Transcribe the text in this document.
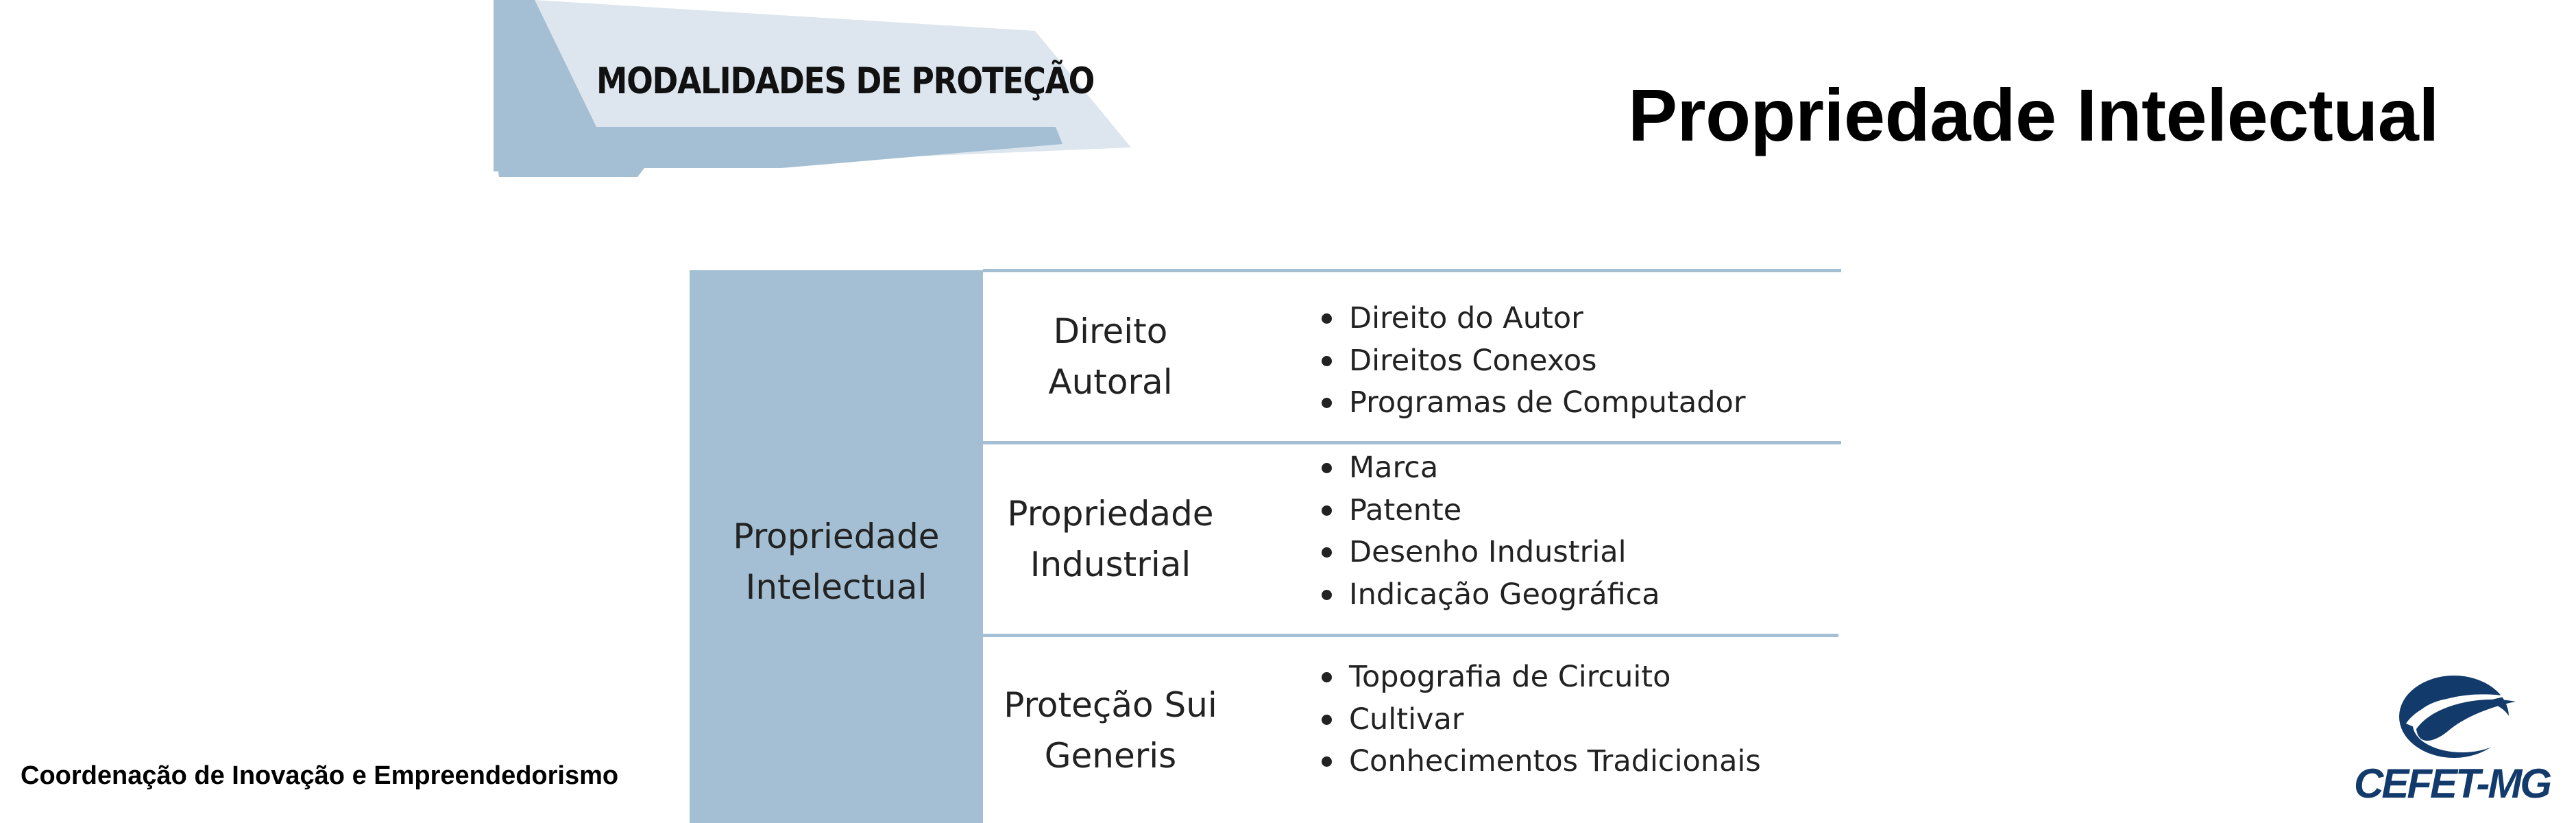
MODALIDADES DE PROTEÇÃO	Propriedade Intelectual
Propriedade Intelectual
Direito Autoral
Direito do Autor
Direitos Conexos
Programas de Computador
Propriedade Industrial
Marca
Patente
Desenho Industrial
Indicação Geográfica
Proteção Sui Generis
Topografia de Circuito
Cultivar
Conhecimentos Tradicionais
Coordenação de Inovação e Empreendedorismo	CEFET-MG
